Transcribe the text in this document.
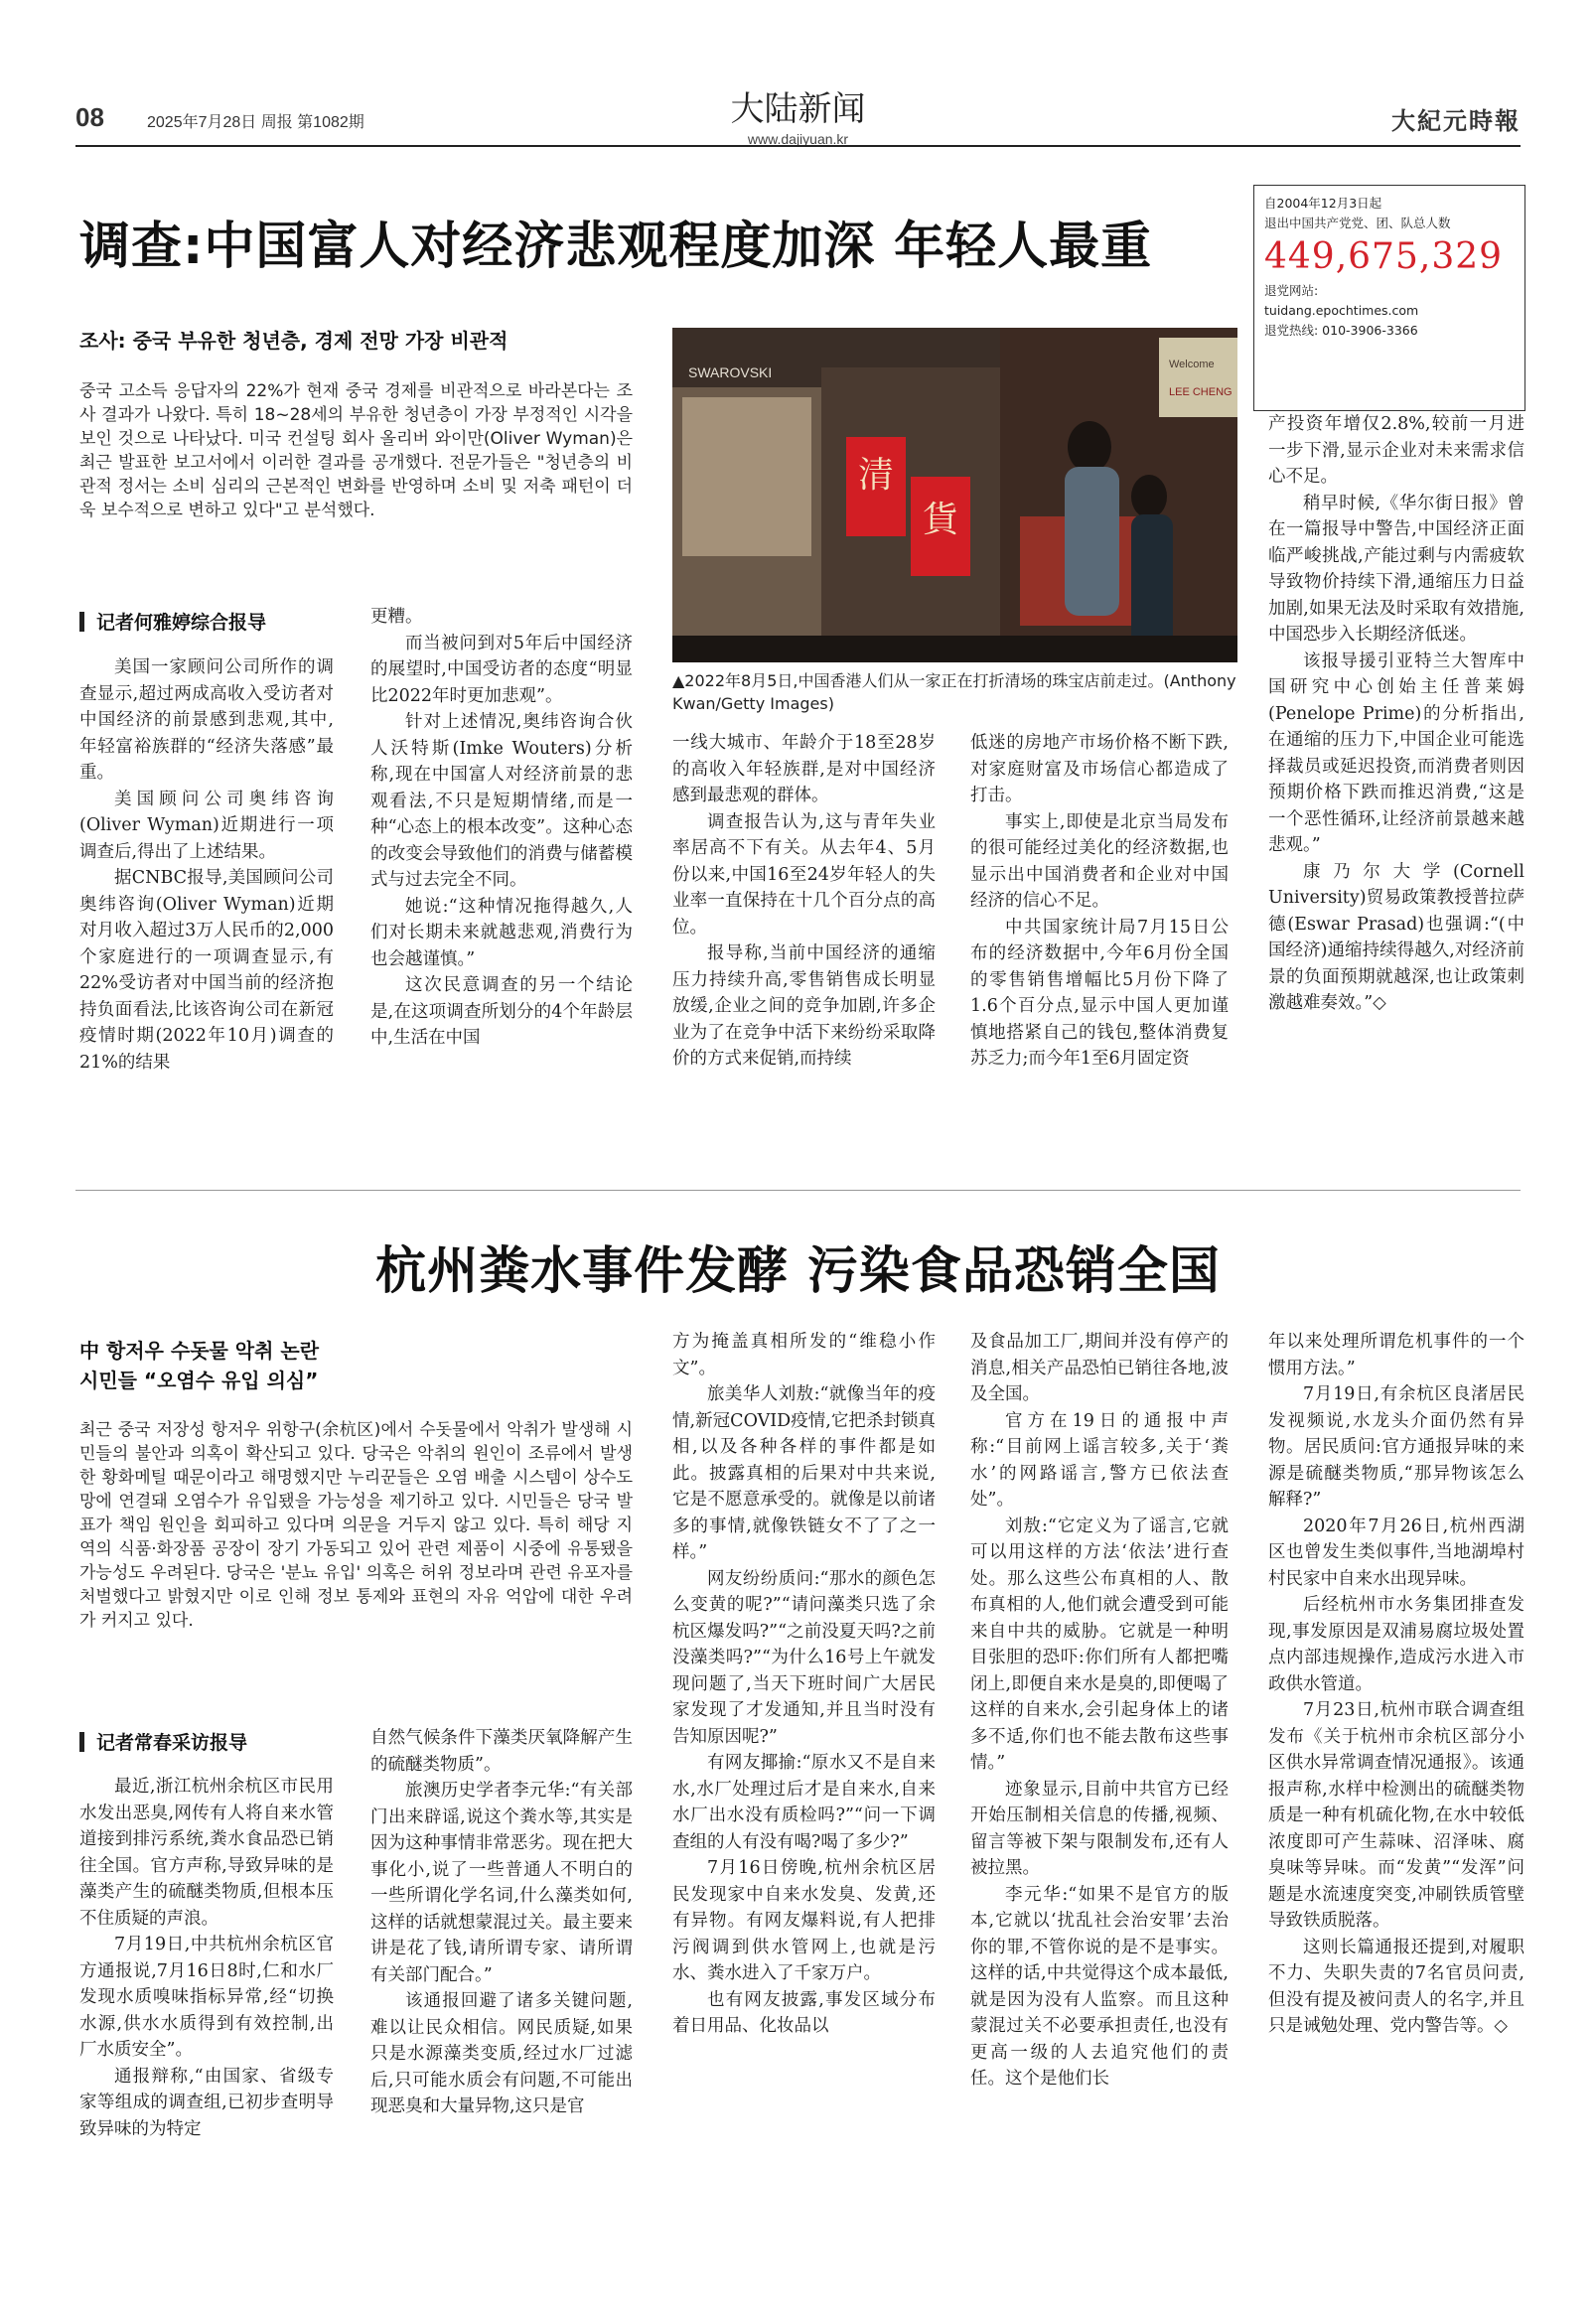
08	2025年7月28日 周报 第1082期	大陆新闻
www.dajiyuan.kr
大紀元時報
调查:中国富人对经济悲观程度加深 年轻人最重
自2004年12月3日起
退出中国共产党党、团、队总人数
449,675,329
退党网站:
tuidang.epochtimes.com
退党热线: 010-3906-3366
조사: 중국 부유한 청년층, 경제 전망 가장 비관적
중국 고소득 응답자의 22%가 현재 중국 경제를 비관적으로 바라본다는 조사 결과가 나왔다. 특히 18~28세의 부유한 청년층이 가장 부정적인 시각을 보인 것으로 나타났다. 미국 컨설팅 회사 올리버 와이만(Oliver Wyman)은 최근 발표한 보고서에서 이러한 결과를 공개했다. 전문가들은 "청년층의 비관적 정서는 소비 심리의 근본적인 변화를 반영하며 소비 및 저축 패턴이 더욱 보수적으로 변하고 있다"고 분석했다.
清
貨
SWAROVSKI	Welcome
LEE CHENG
▲2022年8月5日,中国香港人们从一家正在打折清场的珠宝店前走过。(Anthony Kwan/Getty Images)
记者何雅婷综合报导

美国一家顾问公司所作的调查显示,超过两成高收入受访者对中国经济的前景感到悲观,其中,年轻富裕族群的“经济失落感”最重。

美国顾问公司奥纬咨询(Oliver Wyman)近期进行一项调查后,得出了上述结果。

据CNBC报导,美国顾问公司奥纬咨询(Oliver Wyman)近期对月收入超过3万人民币的2,000个家庭进行的一项调查显示,有22%受访者对中国当前的经济抱持负面看法,比该咨询公司在新冠疫情时期(2022年10月)调查的21%的结果

更糟。

而当被问到对5年后中国经济的展望时,中国受访者的态度“明显比2022年时更加悲观”。

针对上述情况,奥纬咨询合伙人沃特斯(Imke Wouters)分析称,现在中国富人对经济前景的悲观看法,不只是短期情绪,而是一种“心态上的根本改变”。这种心态的改变会导致他们的消费与储蓄模式与过去完全不同。

她说:“这种情况拖得越久,人们对长期未来就越悲观,消费行为也会越谨慎。”

这次民意调查的另一个结论是,在这项调查所划分的4个年龄层中,生活在中国

一线大城市、年龄介于18至28岁的高收入年轻族群,是对中国经济感到最悲观的群体。

调查报告认为,这与青年失业率居高不下有关。从去年4、5月份以来,中国16至24岁年轻人的失业率一直保持在十几个百分点的高位。

报导称,当前中国经济的通缩压力持续升高,零售销售成长明显放缓,企业之间的竞争加剧,许多企业为了在竞争中活下来纷纷采取降价的方式来促销,而持续

低迷的房地产市场价格不断下跌,对家庭财富及市场信心都造成了打击。

事实上,即使是北京当局发布的很可能经过美化的经济数据,也显示出中国消费者和企业对中国经济的信心不足。

中共国家统计局7月15日公布的经济数据中,今年6月份全国的零售销售增幅比5月份下降了1.6个百分点,显示中国人更加谨慎地搭紧自己的钱包,整体消费复苏乏力;而今年1至6月固定资

产投资年增仅2.8%,较前一月进一步下滑,显示企业对未来需求信心不足。

稍早时候,《华尔街日报》曾在一篇报导中警告,中国经济正面临严峻挑战,产能过剩与内需疲软导致物价持续下滑,通缩压力日益加剧,如果无法及时采取有效措施,中国恐步入长期经济低迷。

该报导援引亚特兰大智库中国研究中心创始主任普莱姆(Penelope Prime)的分析指出,在通缩的压力下,中国企业可能选择裁员或延迟投资,而消费者则因预期价格下跌而推迟消费,“这是一个恶性循环,让经济前景越来越悲观。”

康乃尔大学(Cornell University)贸易政策教授普拉萨德(Eswar Prasad)也强调:“(中国经济)通缩持续得越久,对经济前景的负面预期就越深,也让政策刺激越难奏效。”◇

杭州粪水事件发酵 污染食品恐销全国
中 항저우 수돗물 악취 논란
시민들 “오염수 유입 의심”
최근 중국 저장성 항저우 위항구(余杭区)에서 수돗물에서 악취가 발생해 시민들의 불안과 의혹이 확산되고 있다. 당국은 악취의 원인이 조류에서 발생한 황화메틸 때문이라고 해명했지만 누리꾼들은 오염 배출 시스템이 상수도망에 연결돼 오염수가 유입됐을 가능성을 제기하고 있다. 시민들은 당국 발표가 책임 원인을 회피하고 있다며 의문을 거두지 않고 있다. 특히 해당 지역의 식품·화장품 공장이 장기 가동되고 있어 관련 제품이 시중에 유통됐을 가능성도 우려된다. 당국은 '분뇨 유입' 의혹은 허위 정보라며 관련 유포자를 처벌했다고 밝혔지만 이로 인해 정보 통제와 표현의 자유 억압에 대한 우려가 커지고 있다.
记者常春采访报导

最近,浙江杭州余杭区市民用水发出恶臭,网传有人将自来水管道接到排污系统,粪水食品恐已销往全国。官方声称,导致异味的是藻类产生的硫醚类物质,但根本压不住质疑的声浪。

7月19日,中共杭州余杭区官方通报说,7月16日8时,仁和水厂发现水质嗅味指标异常,经“切换水源,供水水质得到有效控制,出厂水质安全”。

通报辩称,“由国家、省级专家等组成的调查组,已初步查明导致异味的为特定

自然气候条件下藻类厌氧降解产生的硫醚类物质”。

旅澳历史学者李元华:“有关部门出来辟谣,说这个粪水等,其实是因为这种事情非常恶劣。现在把大事化小,说了一些普通人不明白的一些所谓化学名词,什么藻类如何,这样的话就想蒙混过关。最主要来讲是花了钱,请所谓专家、请所谓有关部门配合。”

该通报回避了诸多关键问题,难以让民众相信。网民质疑,如果只是水源藻类变质,经过水厂过滤后,只可能水质会有问题,不可能出现恶臭和大量异物,这只是官

方为掩盖真相所发的“维稳小作文”。

旅美华人刘敖:“就像当年的疫情,新冠COVID疫情,它把杀封锁真相,以及各种各样的事件都是如此。披露真相的后果对中共来说,它是不愿意承受的。就像是以前诸多的事情,就像铁链女不了了之一样。”

网友纷纷质问:“那水的颜色怎么变黄的呢?”“请问藻类只选了余杭区爆发吗?”“之前没夏天吗?之前没藻类吗?”“为什么16号上午就发现问题了,当天下班时间广大居民家发现了才发通知,并且当时没有告知原因呢?”

有网友揶揄:“原水又不是自来水,水厂处理过后才是自来水,自来水厂出水没有质检吗?”“问一下调查组的人有没有喝?喝了多少?”

7月16日傍晚,杭州余杭区居民发现家中自来水发臭、发黄,还有异物。有网友爆料说,有人把排污阀调到供水管网上,也就是污水、粪水进入了千家万户。

也有网友披露,事发区域分布着日用品、化妆品以

及食品加工厂,期间并没有停产的消息,相关产品恐怕已销往各地,波及全国。

官方在19日的通报中声称:“目前网上谣言较多,关于‘粪水’的网路谣言,警方已依法查处”。

刘敖:“它定义为了谣言,它就可以用这样的方法‘依法’进行查处。那么这些公布真相的人、散布真相的人,他们就会遭受到可能来自中共的威胁。它就是一种明目张胆的恐吓:你们所有人都把嘴闭上,即便自来水是臭的,即便喝了这样的自来水,会引起身体上的诸多不适,你们也不能去散布这些事情。”

迹象显示,目前中共官方已经开始压制相关信息的传播,视频、留言等被下架与限制发布,还有人被拉黑。

李元华:“如果不是官方的版本,它就以‘扰乱社会治安罪’去治你的罪,不管你说的是不是事实。这样的话,中共觉得这个成本最低,就是因为没有人监察。而且这种蒙混过关不必要承担责任,也没有更高一级的人去追究他们的责任。这个是他们长

年以来处理所谓危机事件的一个惯用方法。”

7月19日,有余杭区良渚居民发视频说,水龙头介面仍然有异物。居民质问:官方通报异味的来源是硫醚类物质,“那异物该怎么解释?”

2020年7月26日,杭州西湖区也曾发生类似事件,当地湖埠村村民家中自来水出现异味。

后经杭州市水务集团排查发现,事发原因是双浦易腐垃圾处置点内部违规操作,造成污水进入市政供水管道。

7月23日,杭州市联合调查组发布《关于杭州市余杭区部分小区供水异常调查情况通报》。该通报声称,水样中检测出的硫醚类物质是一种有机硫化物,在水中较低浓度即可产生蒜味、沼泽味、腐臭味等异味。而“发黄”“发浑”问题是水流速度突变,冲刷铁质管壁导致铁质脱落。

这则长篇通报还提到,对履职不力、失职失责的7名官员问责,但没有提及被问责人的名字,并且只是诫勉处理、党内警告等。◇
